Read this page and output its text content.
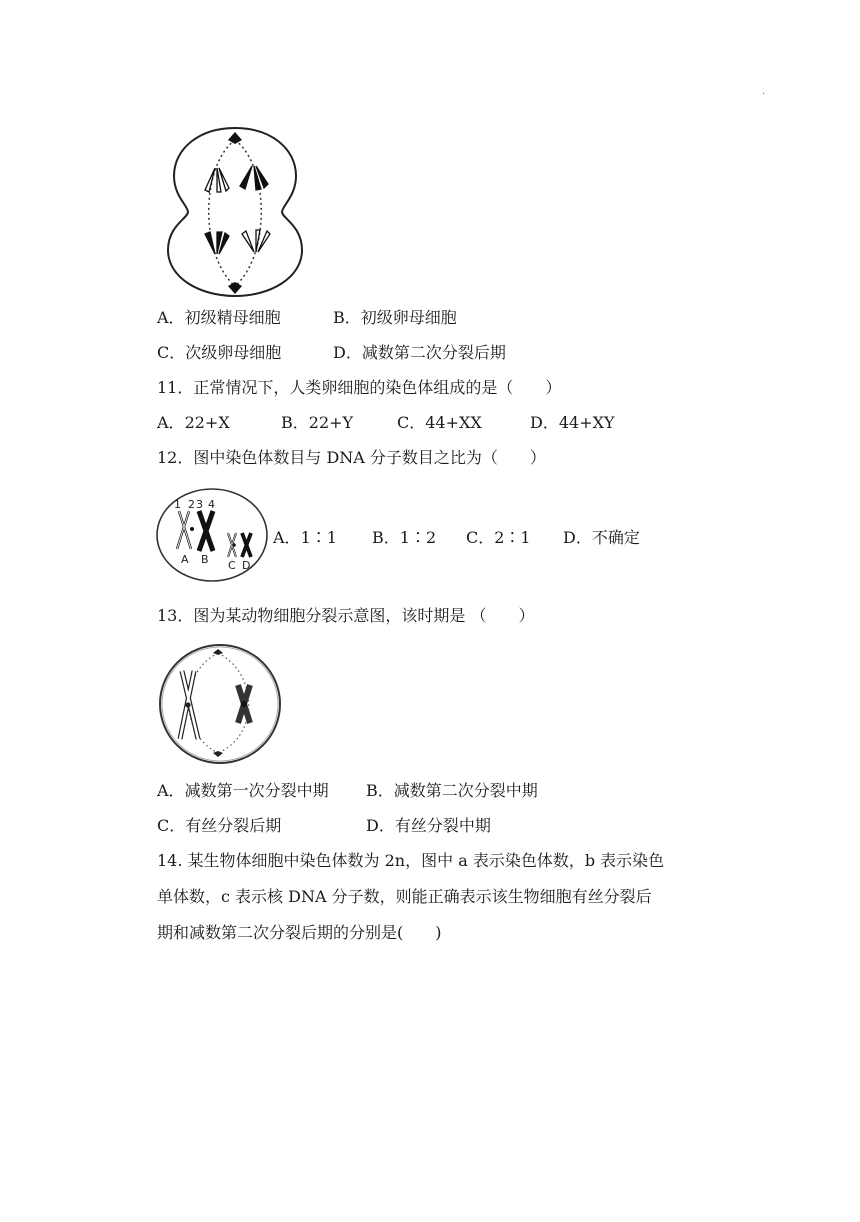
.
A．初级精母细胞	B．初级卵母细胞
C．次级卵母细胞	D．减数第二次分裂后期
11．正常情况下，人类卵细胞的染色体组成的是（　　）
A．22+X	B．22+Y	C．44+XX	D．44+XY
12．图中染色体数目与 DNA 分子数目之比为（　　）
1 2 3 4
A B C D
A．1∶1 B．1∶2 C．2∶1 D．不确定
13．图为某动物细胞分裂示意图，该时期是 （　　）
A．减数第一次分裂中期 B．减数第二次分裂中期
C．有丝分裂后期	D．有丝分裂中期
14. 某生物体细胞中染色体数为 2n，图中 a 表示染色体数，b 表示染色
单体数，c 表示核 DNA 分子数，则能正确表示该生物细胞有丝分裂后
期和减数第二次分裂后期的分别是(　　)
